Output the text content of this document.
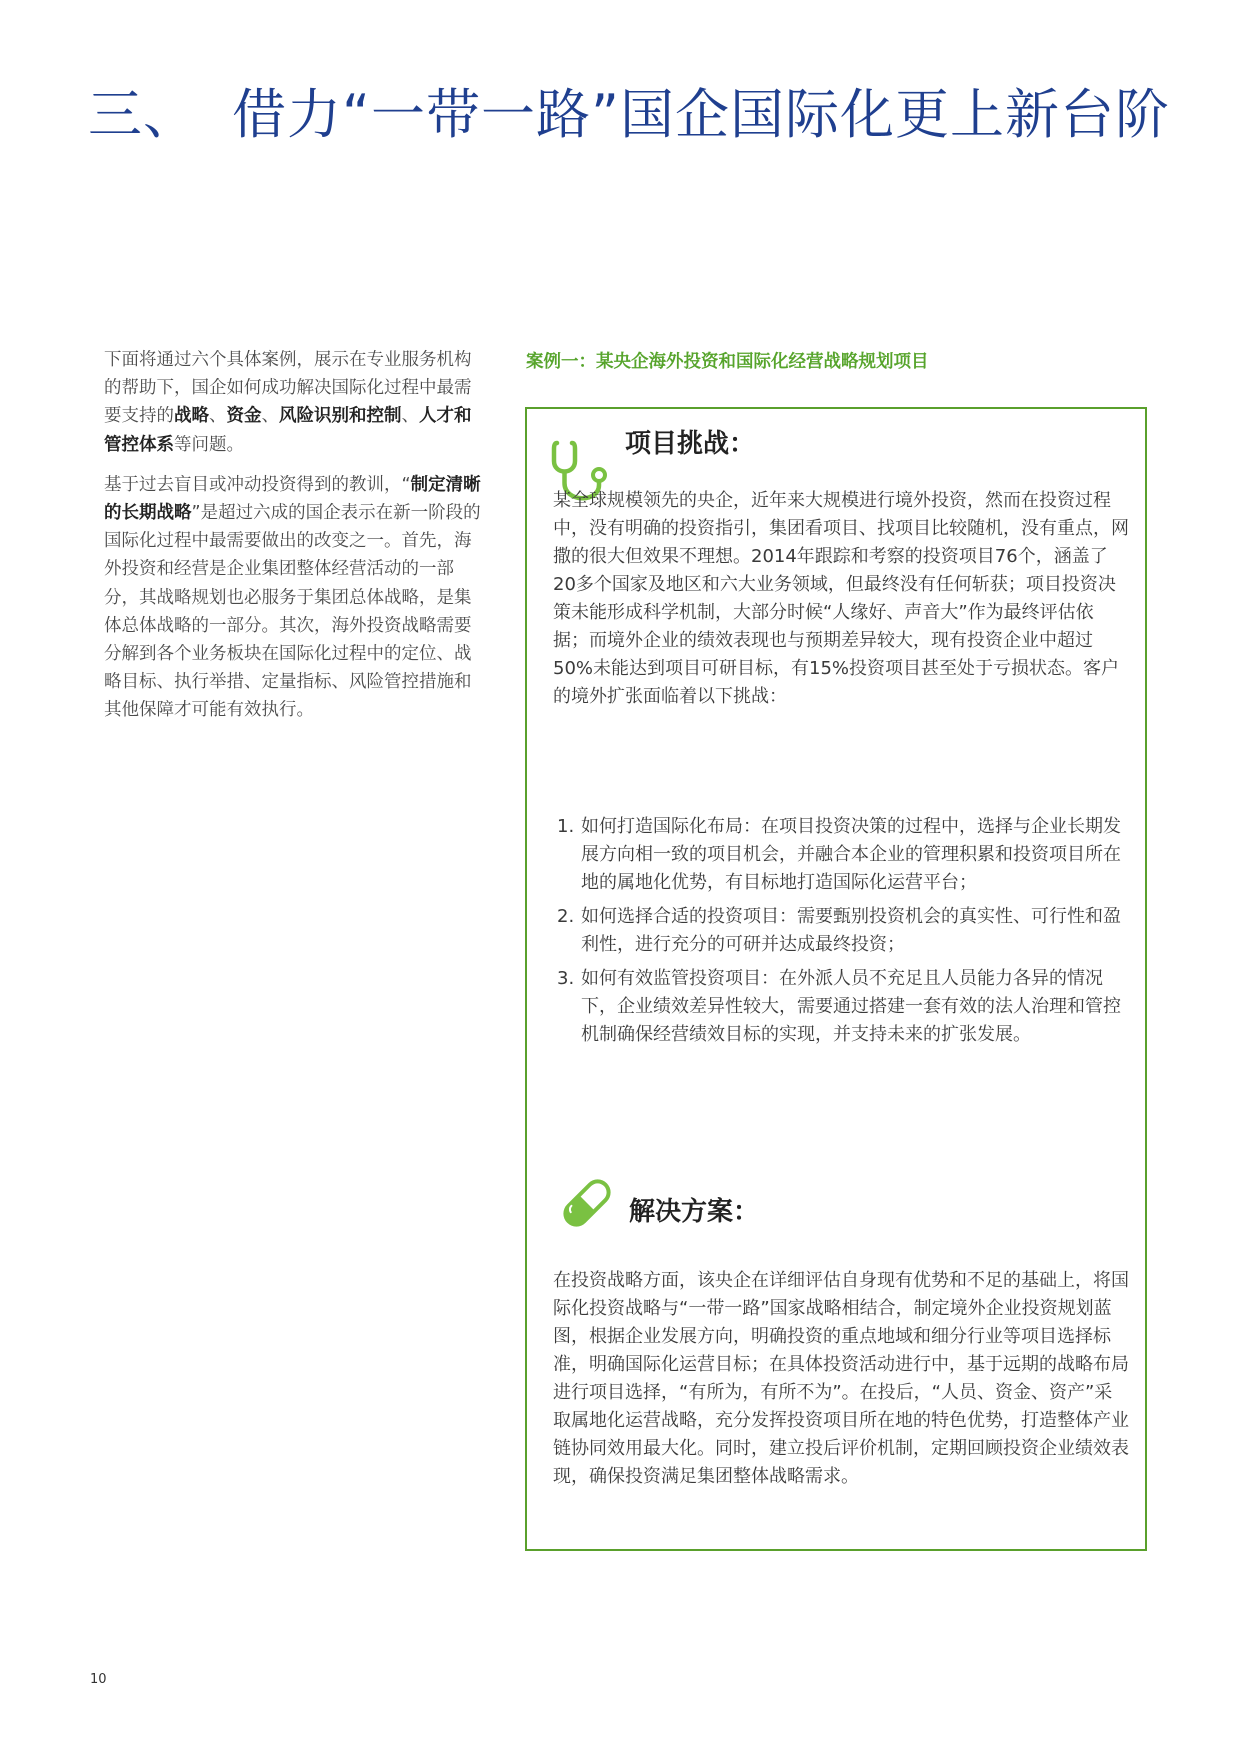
三、 借力“一带一路”国企国际化更上新台阶

下面将通过六个具体案例，展示在专业服务机构的帮助下，国企如何成功解决国际化过程中最需要支持的战略、资金、风险识别和控制、人才和管控体系等问题。

基于过去盲目或冲动投资得到的教训，“制定清晰的长期战略”是超过六成的国企表示在新一阶段的国际化过程中最需要做出的改变之一。首先，海外投资和经营是企业集团整体经营活动的一部分，其战略规划也必服务于集团总体战略，是集体总体战略的一部分。其次，海外投资战略需要分解到各个业务板块在国际化过程中的定位、战略目标、执行举措、定量指标、风险管控措施和其他保障才可能有效执行。

案例一：某央企海外投资和国际化经营战略规划项目
项目挑战：

某全球规模领先的央企，近年来大规模进行境外投资，然而在投资过程中，没有明确的投资指引，集团看项目、找项目比较随机，没有重点，网撒的很大但效果不理想。2014年跟踪和考察的投资项目76个，涵盖了20多个国家及地区和六大业务领域，但最终没有任何斩获；项目投资决策未能形成科学机制，大部分时候“人缘好、声音大”作为最终评估依据；而境外企业的绩效表现也与预期差异较大，现有投资企业中超过50%未能达到项目可研目标，有15%投资项目甚至处于亏损状态。客户的境外扩张面临着以下挑战：

1. 如何打造国际化布局：在项目投资决策的过程中，选择与企业长期发展方向相一致的项目机会，并融合本企业的管理积累和投资项目所在地的属地化优势，有目标地打造国际化运营平台；
2. 如何选择合适的投资项目：需要甄别投资机会的真实性、可行性和盈利性，进行充分的可研并达成最终投资；
3. 如何有效监管投资项目：在外派人员不充足且人员能力各异的情况下，企业绩效差异性较大，需要通过搭建一套有效的法人治理和管控机制确保经营绩效目标的实现，并支持未来的扩张发展。
解决方案：

在投资战略方面，该央企在详细评估自身现有优势和不足的基础上，将国际化投资战略与“一带一路”国家战略相结合，制定境外企业投资规划蓝图，根据企业发展方向，明确投资的重点地域和细分行业等项目选择标准，明确国际化运营目标；在具体投资活动进行中，基于远期的战略布局进行项目选择，“有所为，有所不为”。在投后，“人员、资金、资产”采取属地化运营战略，充分发挥投资项目所在地的特色优势，打造整体产业链协同效用最大化。同时，建立投后评价机制，定期回顾投资企业绩效表现，确保投资满足集团整体战略需求。

10
